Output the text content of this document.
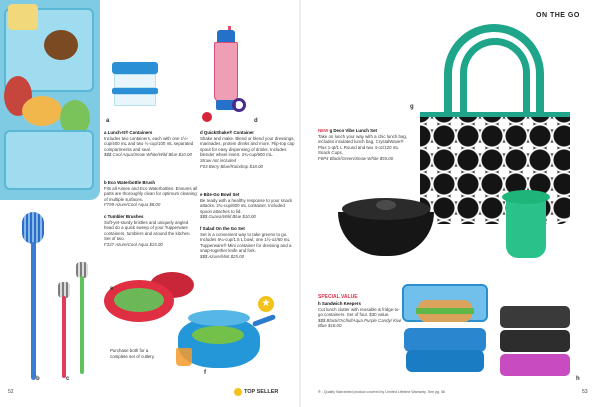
a	d
b	c
e
★
f
Purchase both for a complete set of cutlery.
a Lunch-It® Containers
Includes two containers, each with one 1½-cup/400 mL and two ½-cup/100 mL separated compartments and seal.
$$$ Cool Aqua/Snow White/Wild Blue $10.00
b Eco Waterbottle Brush
Fits all Aimee and Eco Waterbottles. Ensures all parts are thoroughly clean for optimum cleaning of multiple surfaces.
F799 Azure/Cool Aqua $8.00
c Tumbler Brushes
Soft-yet-sturdy bristles and uniquely angled head do a quick sweep of your Tupperware containers, tumblers and around the kitchen. Set of two.
F337 Azure/Cool Aqua $15.00
d QuickShake® Container
Shake and make. Blend or blend your dressings, marinades, protein drinks and more. Flip-top cap spout for easy dispensing of drinks. Includes blender wheel insert. 2¾-cup/600 mL.
Straw not included
F03 Berry Blue/Raindrop $18.00
e Bite-Go Bowl Set
Be ready with a healthy response to your snack attacks. 2¾-cup/600 mL container. Included spoon attaches to lid.
$$$ Guava/Wild Blue $10.00
f Salad On the Go Set
Set is a convenient way to take greens to go. Includes 6¼-cup/1.5 L bowl, one 1½-oz/60 mL Tupperware® Mini container for dressing and a snap-together knife and fork.
$$$ Azure/Mint $25.00
52	TOP SELLER
ON THE GO
g
NEW g Deco Vibe Lunch Set
Take on lunch your way with a chic lunch bag, includes insulated lunch bag, CrystalWave® Plus 1-qt/1 L Round and two 4-oz/120 mL Snack Cups.
F6P4 Black/Green/Snow White $55.00
SPECIAL VALUE
h Sandwich Keepers
Cut lunch clutter with reusable & fridge-to-go containers. Set of four. $30 value.
$$$ Black/Orchid/Aqua Purple Candy/ Kiwi Blue $18.00
h
® - Quality Warranted product covered by Limited Lifetime Warranty. See pg. 56	53
